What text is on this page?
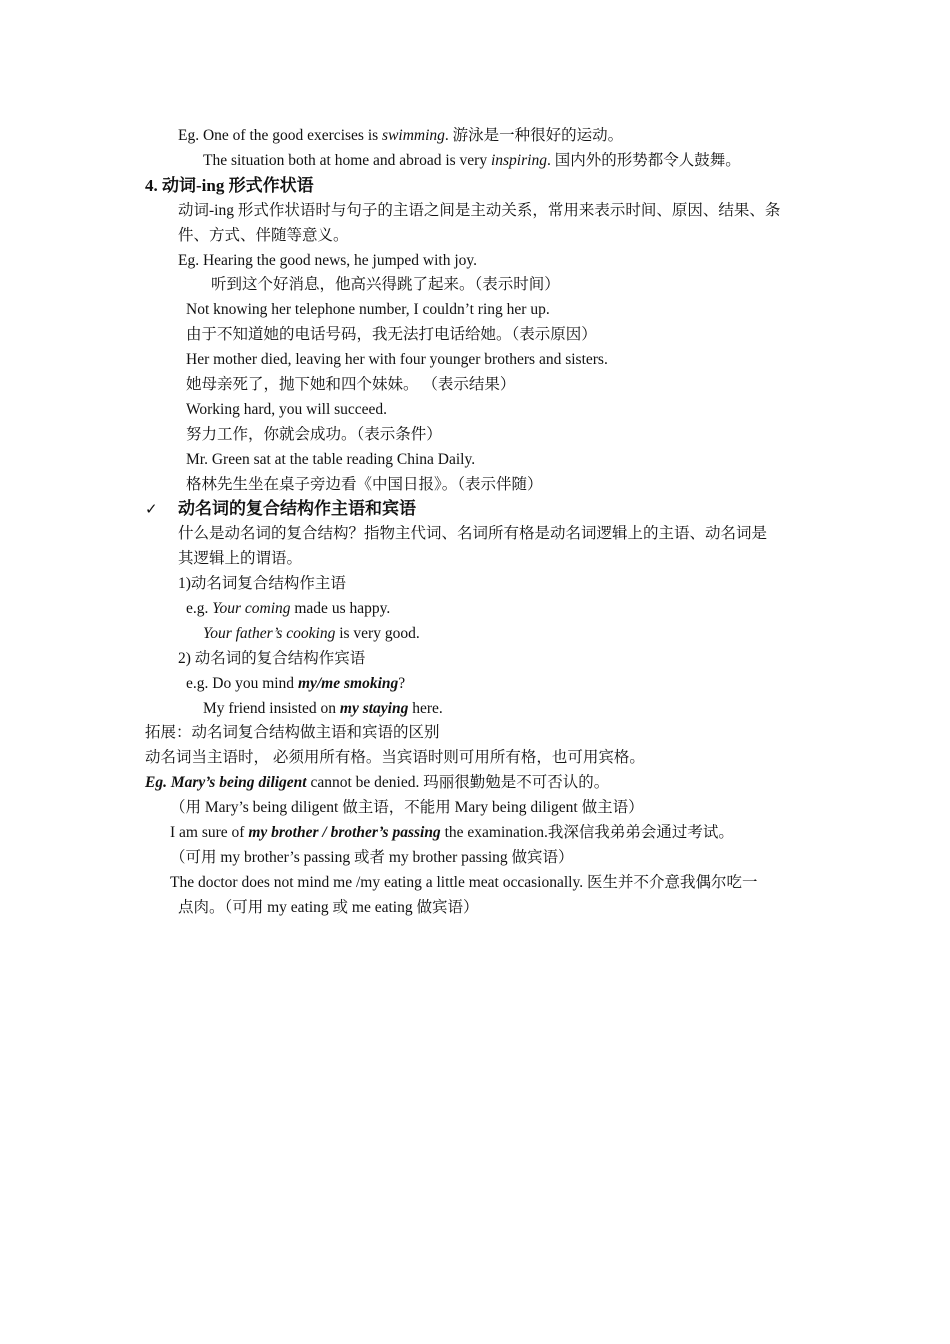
Eg. One of the good exercises is swimming. 游泳是一种很好的运动。
The situation both at home and abroad is very inspiring. 国内外的形势都令人鼓舞。
4. 动词-ing 形式作状语
动词-ing 形式作状语时与句子的主语之间是主动关系，常用来表示时间、原因、结果、条
件、方式、伴随等意义。
Eg. Hearing the good news, he jumped with joy.
听到这个好消息，他高兴得跳了起来。（表示时间）
Not knowing her telephone number, I couldn’t ring her up.
由于不知道她的电话号码，我无法打电话给她。（表示原因）
Her mother died, leaving her with four younger brothers and sisters.
她母亲死了，抛下她和四个妹妹。 （表示结果）
Working hard, you will succeed.
努力工作，你就会成功。（表示条件）
Mr. Green sat at the table reading China Daily.
格林先生坐在桌子旁边看《中国日报》。（表示伴随）
✓ 动名词的复合结构作主语和宾语
什么是动名词的复合结构？指物主代词、名词所有格是动名词逻辑上的主语、动名词是
其逻辑上的谓语。
1)动名词复合结构作主语
e.g. Your coming made us happy.
Your father’s cooking is very good.
2) 动名词的复合结构作宾语
e.g. Do you mind my/me smoking?
My friend insisted on my staying here.
拓展：动名词复合结构做主语和宾语的区别
动名词当主语时， 必须用所有格。当宾语时则可用所有格，也可用宾格。
Eg. Mary’s being diligent cannot be denied. 玛丽很勤勉是不可否认的。
（用 Mary’s being diligent 做主语，不能用 Mary being diligent 做主语）
I am sure of my brother / brother’s passing the examination.我深信我弟弟会通过考试。
（可用 my brother’s passing 或者 my brother passing 做宾语）
The doctor does not mind me /my eating a little meat occasionally. 医生并不介意我偶尔吃一
点肉。（可用 my eating 或 me eating 做宾语）
